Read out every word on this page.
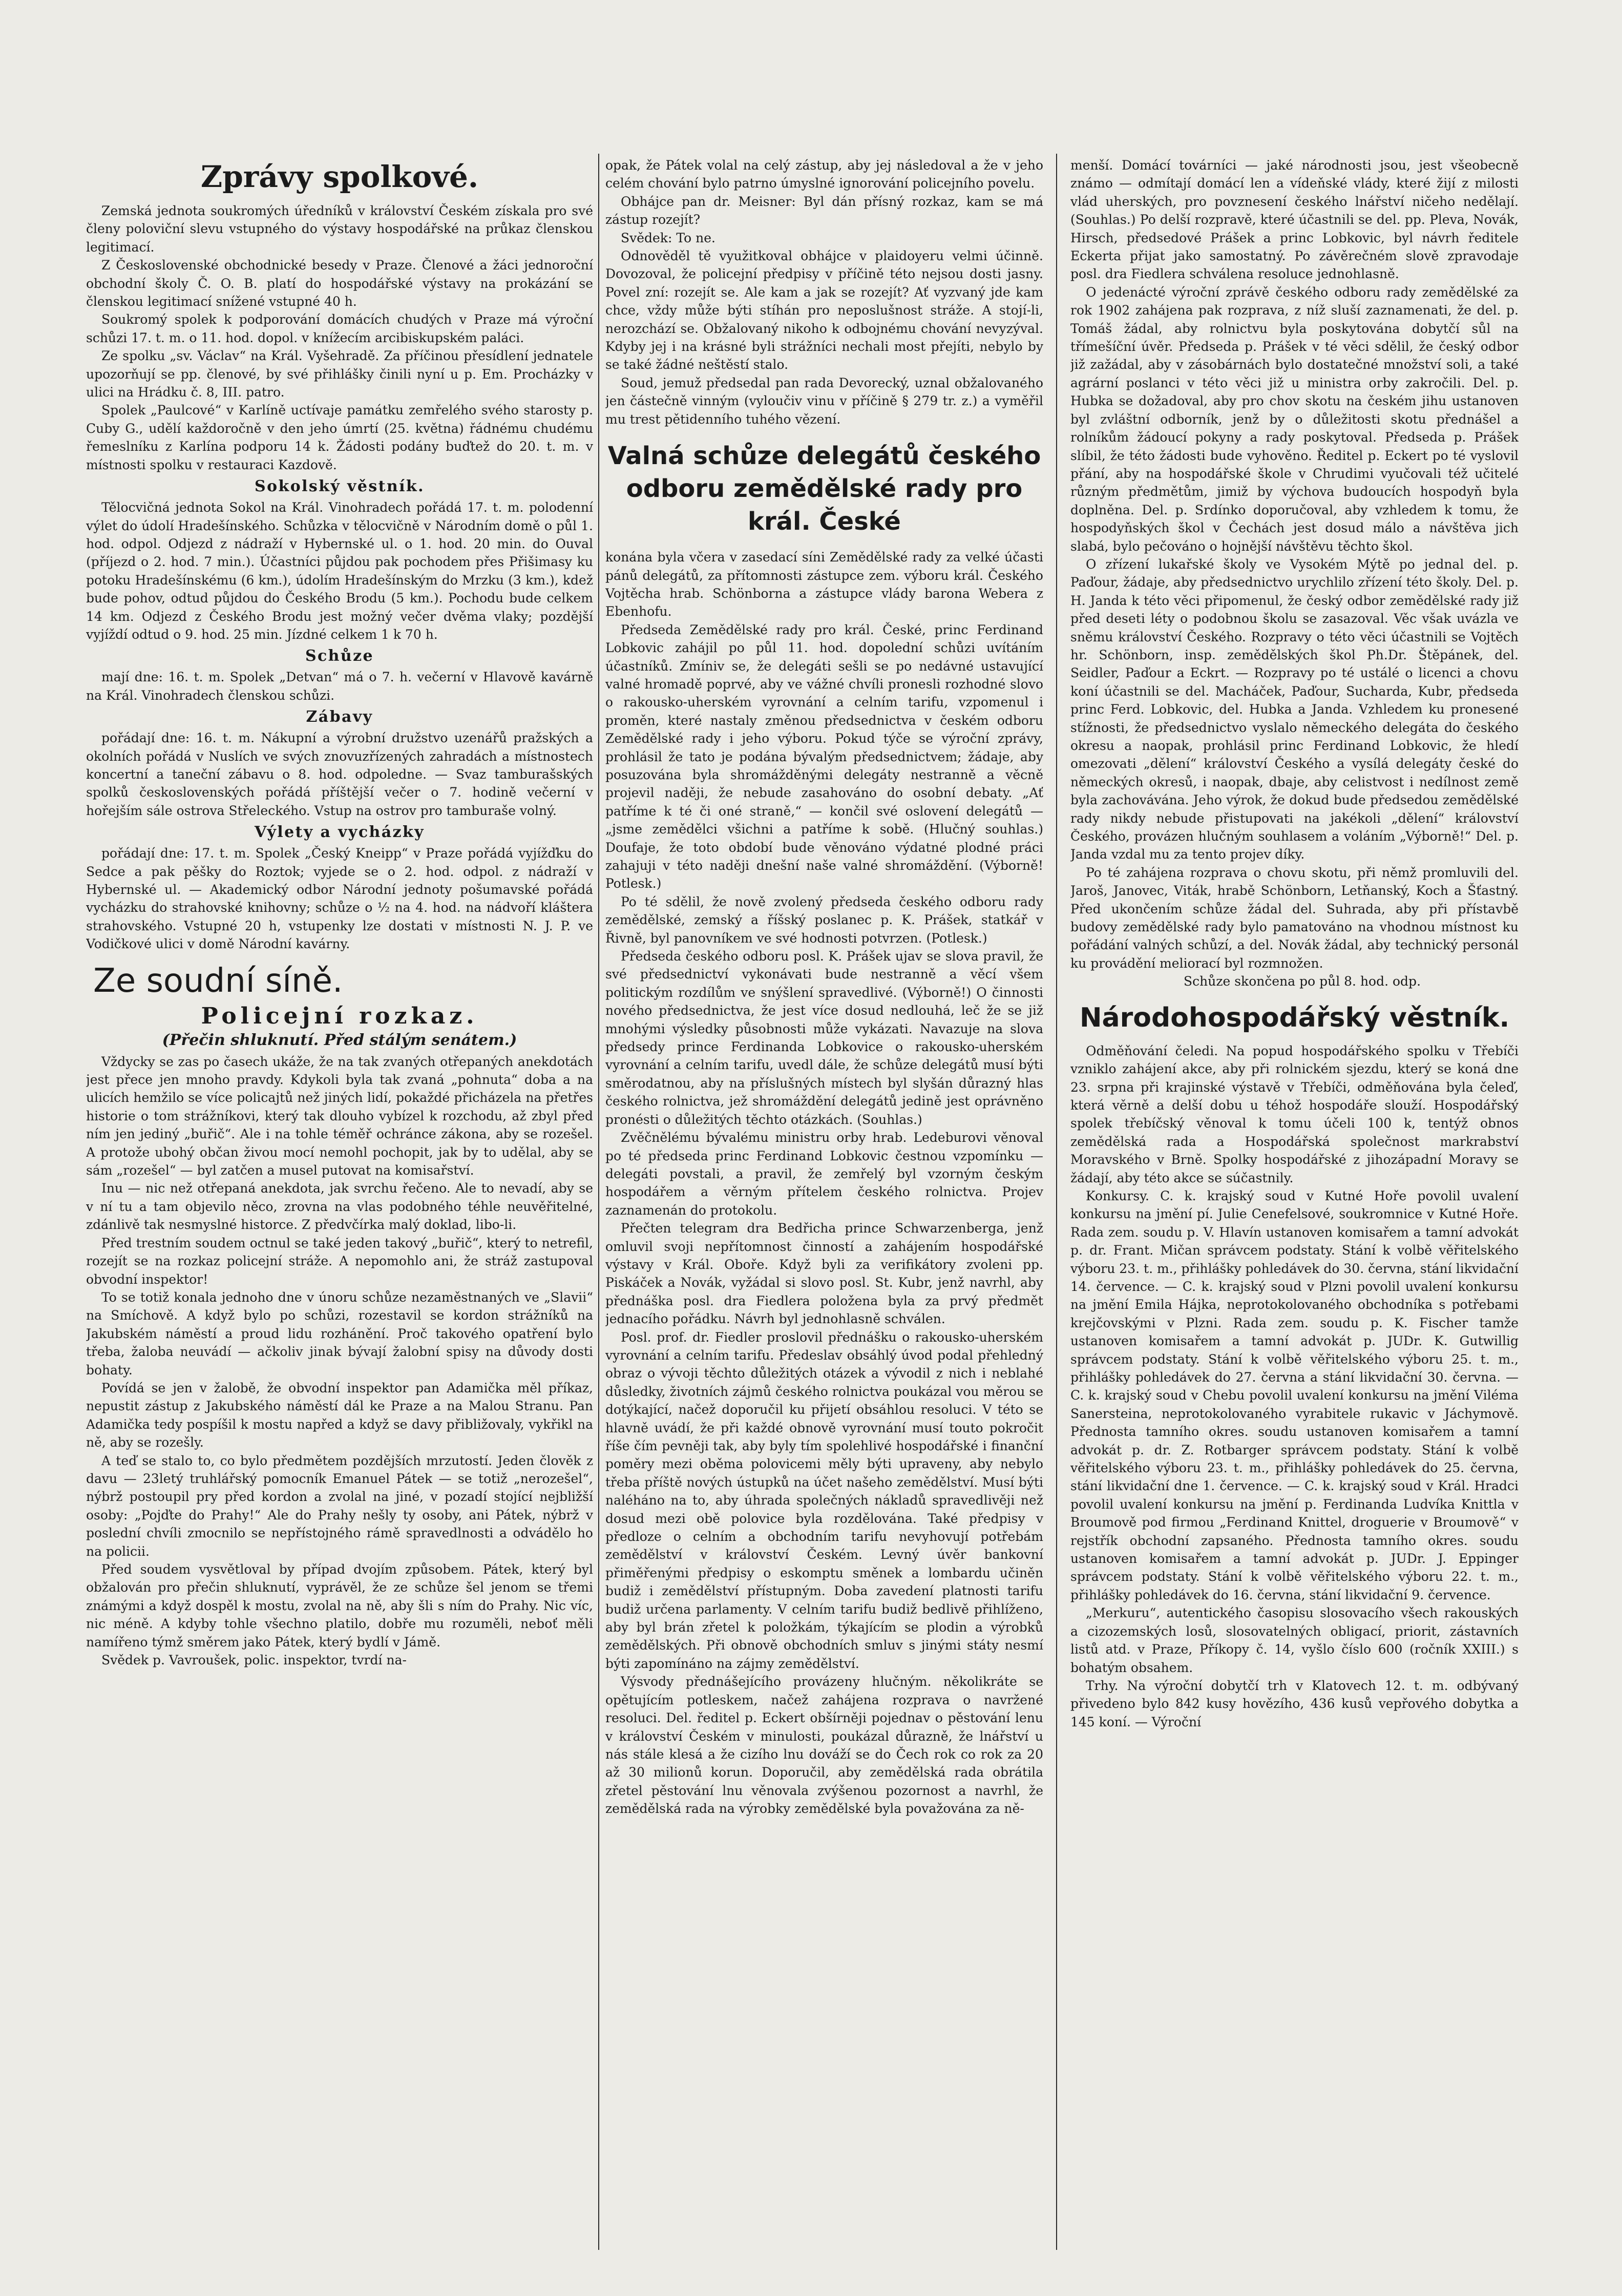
Zprávy spolkové.

Zemská jednota soukromých úředníků v království Českém získala pro své členy poloviční slevu vstupného do výstavy hospodářské na průkaz členskou legitimací.

Z Československé obchodnické besedy v Praze. Členové a žáci jednoroční obchodní školy Č. O. B. platí do hospodářské výstavy na prokázání se členskou legitimací snížené vstupné 40 h.

Soukromý spolek k podporování domácích chudých v Praze má výroční schůzi 17. t. m. o 11. hod. dopol. v knížecím arcibiskupském paláci.

Ze spolku „sv. Václav“ na Král. Vyšehradě. Za příčinou přesídlení jednatele upozorňují se pp. členové, by své přihlášky činili nyní u p. Em. Procházky v ulici na Hrádku č. 8, III. patro.

Spolek „Paulcové“ v Karlíně uctívaje památku zemřelého svého starosty p. Cuby G., udělí každoročně v den jeho úmrtí (25. května) řádnému chudému řemeslníku z Karlína podporu 14 k. Žádosti podány buďtež do 20. t. m. v místnosti spolku v restauraci Kazdově.

Sokolský věstník.

Tělocvičná jednota Sokol na Král. Vinohradech pořádá 17. t. m. polodenní výlet do údolí Hradešínského. Schůzka v tělocvičně v Národním domě o půl 1. hod. odpol. Odjezd z nádraží v Hybernské ul. o 1. hod. 20 min. do Ouval (příjezd o 2. hod. 7 min.). Účastníci půjdou pak pochodem přes Přišimasy ku potoku Hradešínskému (6 km.), údolím Hradešínským do Mrzku (3 km.), kdež bude pohov, odtud půjdou do Českého Brodu (5 km.). Pochodu bude celkem 14 km. Odjezd z Českého Brodu jest možný večer dvěma vlaky; pozdější vyjíždí odtud o 9. hod. 25 min. Jízdné celkem 1 k 70 h.

Schůze

mají dne: 16. t. m. Spolek „Detvan“ má o 7. h. večerní v Hlavově kavárně na Král. Vinohradech členskou schůzi.

Zábavy

pořádají dne: 16. t. m. Nákupní a výrobní družstvo uzenářů pražských a okolních pořádá v Nuslích ve svých znovuzřízených zahradách a místnostech koncertní a taneční zábavu o 8. hod. odpoledne. — Svaz tamburašských spolků československých pořádá příštější večer o 7. hodině večerní v hořejším sále ostrova Střeleckého. Vstup na ostrov pro tamburaše volný.

Výlety a vycházky

pořádají dne: 17. t. m. Spolek „Český Kneipp“ v Praze pořádá vyjížďku do Sedce a pak pěšky do Roztok; vyjede se o 2. hod. odpol. z nádraží v Hybernské ul. — Akademický odbor Národní jednoty pošumavské pořádá vycházku do strahovské knihovny; schůze o ½ na 4. hod. na nádvoří kláštera strahovského. Vstupné 20 h, vstupenky lze dostati v místnosti N. J. P. ve Vodičkové ulici v domě Národní kavárny.

Ze soudní síně.
Policejní rozkaz.
(Přečin shluknutí. Před stálým senátem.)

Vždycky se zas po časech ukáže, že na tak zvaných otřepaných anekdotách jest přece jen mnoho pravdy. Kdykoli byla tak zvaná „pohnuta“ doba a na ulicích hemžilo se více policajtů než jiných lidí, pokaždé přicházela na přetřes historie o tom strážníkovi, který tak dlouho vybízel k rozchodu, až zbyl před ním jen jediný „buřič“. Ale i na tohle téměř ochránce zákona, aby se rozešel. A protože ubohý občan živou mocí nemohl pochopit, jak by to udělal, aby se sám „rozešel“ — byl zatčen a musel putovat na komisařství.

Inu — nic než otřepaná anekdota, jak svrchu řečeno. Ale to nevadí, aby se v ní tu a tam objevilo něco, zrovna na vlas podobného téhle neuvěřitelné, zdánlivě tak nesmyslné historce. Z předvčírka malý doklad, libo-li.

Před trestním soudem octnul se také jeden takový „buřič“, který to netrefil, rozejít se na rozkaz policejní stráže. A nepomohlo ani, že stráž zastupoval obvodní inspektor!

To se totiž konala jednoho dne v únoru schůze nezaměstnaných ve „Slavii“ na Smíchově. A když bylo po schůzi, rozestavil se kordon strážníků na Jakubském náměstí a proud lidu rozhánění. Proč takového opatření bylo třeba, žaloba neuvádí — ačkoliv jinak bývají žalobní spisy na důvody dosti bohaty.

Povídá se jen v žalobě, že obvodní inspektor pan Adamička měl příkaz, nepustit zástup z Jakubského náměstí dál ke Praze a na Malou Stranu. Pan Adamička tedy pospíšil k mostu napřed a když se davy přibližovaly, vykřikl na ně, aby se rozešly.

A teď se stalo to, co bylo předmětem pozdějších mrzutostí. Jeden člověk z davu — 23letý truhlářský pomocník Emanuel Pátek — se totiž „nerozešel“, nýbrž postoupil pry před kordon a zvolal na jiné, v pozadí stojící nejbližší osoby: „Pojďte do Prahy!“ Ale do Prahy nešly ty osoby, ani Pátek, nýbrž v poslední chvíli zmocnilo se nepřístojného rámě spravedlnosti a odvádělo ho na policii.

Před soudem vysvětloval by případ dvojím způsobem. Pátek, který byl obžalován pro přečin shluknutí, vyprávěl, že ze schůze šel jenom se třemi známými a když dospěl k mostu, zvolal na ně, aby šli s ním do Prahy. Nic víc, nic méně. A kdyby tohle všechno platilo, dobře mu rozuměli, neboť měli namířeno týmž směrem jako Pátek, který bydlí v Jámě.

Svědek p. Vavroušek, polic. inspektor, tvrdí na-

opak, že Pátek volal na celý zástup, aby jej následoval a že v jeho celém chování bylo patrno úmyslné ignorování policejního povelu.

Obhájce pan dr. Meisner: Byl dán přísný rozkaz, kam se má zástup rozejít?

Svědek: To ne.

Odnověděl tě využitkoval obhájce v plaidoyeru velmi účinně. Dovozoval, že policejní předpisy v příčině této nejsou dosti jasny. Povel zní: rozejít se. Ale kam a jak se rozejít? Ať vyzvaný jde kam chce, vždy může býti stíhán pro neposlušnost stráže. A stojí-li, nerozchází se. Obžalovaný nikoho k odbojnému chování nevyzýval. Kdyby jej i na krásné byli strážníci nechali most přejíti, nebylo by se také žádné neštěstí stalo.

Soud, jemuž předsedal pan rada Devorecký, uznal obžalovaného jen částečně vinným (vyloučiv vinu v příčině § 279 tr. z.) a vyměřil mu trest pětidenního tuhého vězení.

Valná schůze delegátů českého odboru zemědělské rady pro král. České

konána byla včera v zasedací síni Zemědělské rady za velké účasti pánů delegátů, za přítomnosti zástupce zem. výboru král. Českého Vojtěcha hrab. Schönborna a zástupce vlády barona Webera z Ebenhofu.

Předseda Zemědělské rady pro král. České, princ Ferdinand Lobkovic zahájil po půl 11. hod. dopolední schůzi uvítáním účastníků. Zmíniv se, že delegáti sešli se po nedávné ustavující valné hromadě poprvé, aby ve vážné chvíli pronesli rozhodné slovo o rakousko-uherském vyrovnání a celním tarifu, vzpomenul i proměn, které nastaly změnou předsednictva v českém odboru Zemědělské rady i jeho výboru. Pokud týče se výroční zprávy, prohlásil že tato je podána bývalým předsednictvem; žádaje, aby posuzována byla shromážděnými delegáty nestranně a věcně projevil naději, že nebude zasahováno do osobní debaty. „Ať patříme k té či oné straně,“ — končil své oslovení delegátů — „jsme zemědělci všichni a patříme k sobě. (Hlučný souhlas.) Doufaje, že toto období bude věnováno výdatné plodné práci zahajuji v této naději dnešní naše valné shromáždění. (Výborně! Potlesk.)

Po té sdělil, že nově zvolený předseda českého odboru rady zemědělské, zemský a říšský poslanec p. K. Prášek, statkář v Řivně, byl panovníkem ve své hodnosti potvrzen. (Potlesk.)

Předseda českého odboru posl. K. Prášek ujav se slova pravil, že své předsednictví vykonávati bude nestranně a věcí všem politickým rozdílům ve snýšlení spravedlivé. (Výborně!) O činnosti nového předsednictva, že jest více dosud nedlouhá, leč že se již mnohými výsledky působnosti může vykázati. Navazuje na slova předsedy prince Ferdinanda Lobkovice o rakousko-uherském vyrovnání a celním tarifu, uvedl dále, že schůze delegátů musí býti směrodatnou, aby na příslušných místech byl slyšán důrazný hlas českého rolnictva, jež shromáždění delegátů jedině jest oprávněno pronésti o důležitých těchto otázkách. (Souhlas.)

Zvěčnělému bývalému ministru orby hrab. Ledeburovi věnoval po té předseda princ Ferdinand Lobkovic čestnou vzpomínku — delegáti povstali, a pravil, že zemřelý byl vzorným českým hospodářem a věrným přítelem českého rolnictva. Projev zaznamenán do protokolu.

Přečten telegram dra Bedřicha prince Schwarzenberga, jenž omluvil svoji nepřítomnost činností a zahájením hospodářské výstavy v Král. Oboře. Když byli za verifikátory zvoleni pp. Piskáček a Novák, vyžádal si slovo posl. St. Kubr, jenž navrhl, aby přednáška posl. dra Fiedlera položena byla za prvý předmět jednacího pořádku. Návrh byl jednohlasně schválen.

Posl. prof. dr. Fiedler proslovil přednášku o rakousko-uherském vyrovnání a celním tarifu. Předeslav obsáhlý úvod podal přehledný obraz o vývoji těchto důležitých otázek a vývodil z nich i neblahé důsledky, životních zájmů českého rolnictva poukázal vou měrou se dotýkající, načež doporučil ku přijetí obsáhlou resoluci. V této se hlavně uvádí, že při každé obnově vyrovnání musí touto pokročit říše čím pevněji tak, aby byly tím spolehlivé hospodářské i finanční poměry mezi oběma polovicemi měly býti upraveny, aby nebylo třeba příště nových ústupků na účet našeho zemědělství. Musí býti naléháno na to, aby úhrada společných nákladů spravedlivěji než dosud mezi obě polovice byla rozdělována. Také předpisy v předloze o celním a obchodním tarifu nevyhovují potřebám zemědělství v království Českém. Levný úvěr bankovní přiměřenými předpisy o eskomptu směnek a lombardu učiněn budiž i zemědělství přístupným. Doba zavedení platnosti tarifu budiž určena parlamenty. V celním tarifu budiž bedlivě přihlíženo, aby byl brán zřetel k položkám, týkajícím se plodin a výrobků zemědělských. Při obnově obchodních smluv s jinými státy nesmí býti zapomínáno na zájmy zemědělství.

Výsvody přednášejícího provázeny hlučným. několikráte se opětujícím potleskem, načež zahájena rozprava o navržené resoluci. Del. ředitel p. Eckert obšírněji pojednav o pěstování lenu v království Českém v minulosti, poukázal důrazně, že lnářství u nás stále klesá a že cizího lnu dováží se do Čech rok co rok za 20 až 30 milionů korun. Doporučil, aby zemědělská rada obrátila zřetel pěstování lnu věnovala zvýšenou pozornost a navrhl, že zemědělská rada na výrobky zemědělské byla považována za ně-

menší. Domácí továrníci — jaké národnosti jsou, jest všeobecně známo — odmítají domácí len a vídeňské vlády, které žijí z milosti vlád uherských, pro povznesení českého lnářství ničeho nedělají. (Souhlas.) Po delší rozpravě, které účastnili se del. pp. Pleva, Novák, Hirsch, předsedové Prášek a princ Lobkovic, byl návrh ředitele Eckerta přijat jako samostatný. Po závěrečném slově zpravodaje posl. dra Fiedlera schválena resoluce jednohlasně.

O jedenácté výroční zprávě českého odboru rady zemědělské za rok 1902 zahájena pak rozprava, z níž sluší zaznamenati, že del. p. Tomáš žádal, aby rolnictvu byla poskytována dobytčí sůl na třímešíční úvěr. Předseda p. Prášek v té věci sdělil, že český odbor již zažádal, aby v zásobárnách bylo dostatečné množství soli, a také agrární poslanci v této věci již u ministra orby zakročili. Del. p. Hubka se dožadoval, aby pro chov skotu na českém jihu ustanoven byl zvláštní odborník, jenž by o důležitosti skotu přednášel a rolníkům žádoucí pokyny a rady poskytoval. Předseda p. Prášek slíbil, že této žádosti bude vyhověno. Ředitel p. Eckert po té vyslovil přání, aby na hospodářské škole v Chrudimi vyučovali též učitelé různým předmětům, jimiž by výchova budoucích hospodyň byla doplněna. Del. p. Srdínko doporučoval, aby vzhledem k tomu, že hospodyňských škol v Čechách jest dosud málo a návštěva jich slabá, bylo pečováno o hojnější návštěvu těchto škol.

O zřízení lukařské školy ve Vysokém Mýtě po jednal del. p. Paďour, žádaje, aby předsednictvo urychlilo zřízení této školy. Del. p. H. Janda k této věci připomenul, že český odbor zemědělské rady již před deseti léty o podobnou školu se zasazoval. Věc však uvázla ve sněmu království Českého. Rozpravy o této věci účastnili se Vojtěch hr. Schönborn, insp. zemědělských škol Ph.Dr. Štěpánek, del. Seidler, Paďour a Eckrt. — Rozpravy po té ustálé o licenci a chovu koní účastnili se del. Macháček, Paďour, Sucharda, Kubr, předseda princ Ferd. Lobkovic, del. Hubka a Janda. Vzhledem ku pronesené stížnosti, že předsednictvo vyslalo německého delegáta do českého okresu a naopak, prohlásil princ Ferdinand Lobkovic, že hledí omezovati „dělení“ království Českého a vysílá delegáty české do německých okresů, i naopak, dbaje, aby celistvost i nedílnost země byla zachovávána. Jeho výrok, že dokud bude předsedou zemědělské rady nikdy nebude přistupovati na jakékoli „dělení“ království Českého, provázen hlučným souhlasem a voláním „Výborně!“ Del. p. Janda vzdal mu za tento projev díky.

Po té zahájena rozprava o chovu skotu, při němž promluvili del. Jaroš, Janovec, Viták, hrabě Schönborn, Letňanský, Koch a Šťastný. Před ukončením schůze žádal del. Suhrada, aby při přístavbě budovy zemědělské rady bylo pamatováno na vhodnou místnost ku pořádání valných schůzí, a del. Novák žádal, aby technický personál ku provádění meliorací byl rozmnožen.

Schůze skončena po půl 8. hod. odp.

Národohospodářský věstník.

Odměňování čeledi. Na popud hospodářského spolku v Třebíči vzniklo zahájení akce, aby při rolnickém sjezdu, který se koná dne 23. srpna při krajinské výstavě v Třebíči, odměňována byla čeleď, která věrně a delší dobu u téhož hospodáře slouží. Hospodářský spolek třebíčský věnoval k tomu účeli 100 k, tentýž obnos zemědělská rada a Hospodářská společnost markrabství Moravského v Brně. Spolky hospodářské z jihozápadní Moravy se žádají, aby této akce se súčastnily.

Konkursy. C. k. krajský soud v Kutné Hoře povolil uvalení konkursu na jmění pí. Julie Cenefelsové, soukromnice v Kutné Hoře. Rada zem. soudu p. V. Hlavín ustanoven komisařem a tamní advokát p. dr. Frant. Mičan správcem podstaty. Stání k volbě věřitelského výboru 23. t. m., přihlášky pohledávek do 30. června, stání likvidační 14. července. — C. k. krajský soud v Plzni povolil uvalení konkursu na jmění Emila Hájka, neprotokolovaného obchodníka s potřebami krejčovskými v Plzni. Rada zem. soudu p. K. Fischer tamže ustanoven komisařem a tamní advokát p. JUDr. K. Gutwillig správcem podstaty. Stání k volbě věřitelského výboru 25. t. m., přihlášky pohledávek do 27. června a stání likvidační 30. června. — C. k. krajský soud v Chebu povolil uvalení konkursu na jmění Viléma Sanersteina, neprotokolovaného vyrabitele rukavic v Jáchymově. Přednosta tamního okres. soudu ustanoven komisařem a tamní advokát p. dr. Z. Rotbarger správcem podstaty. Stání k volbě věřitelského výboru 23. t. m., přihlášky pohledávek do 25. června, stání likvidační dne 1. července. — C. k. krajský soud v Král. Hradci povolil uvalení konkursu na jmění p. Ferdinanda Ludvíka Knittla v Broumově pod firmou „Ferdinand Knittel, droguerie v Broumově“ v rejstřík obchodní zapsaného. Přednosta tamního okres. soudu ustanoven komisařem a tamní advokát p. JUDr. J. Eppinger správcem podstaty. Stání k volbě věřitelského výboru 22. t. m., přihlášky pohledávek do 16. června, stání likvidační 9. července.

„Merkuru“, autentického časopisu slosovacího všech rakouských a cizozemských losů, slosovatelných obligací, priorit, zástavních listů atd. v Praze, Příkopy č. 14, vyšlo číslo 600 (ročník XXIII.) s bohatým obsahem.

Trhy. Na výroční dobytčí trh v Klatovech 12. t. m. odbývaný přivedeno bylo 842 kusy hovězího, 436 kusů vepřového dobytka a 145 koní. — Výroční
